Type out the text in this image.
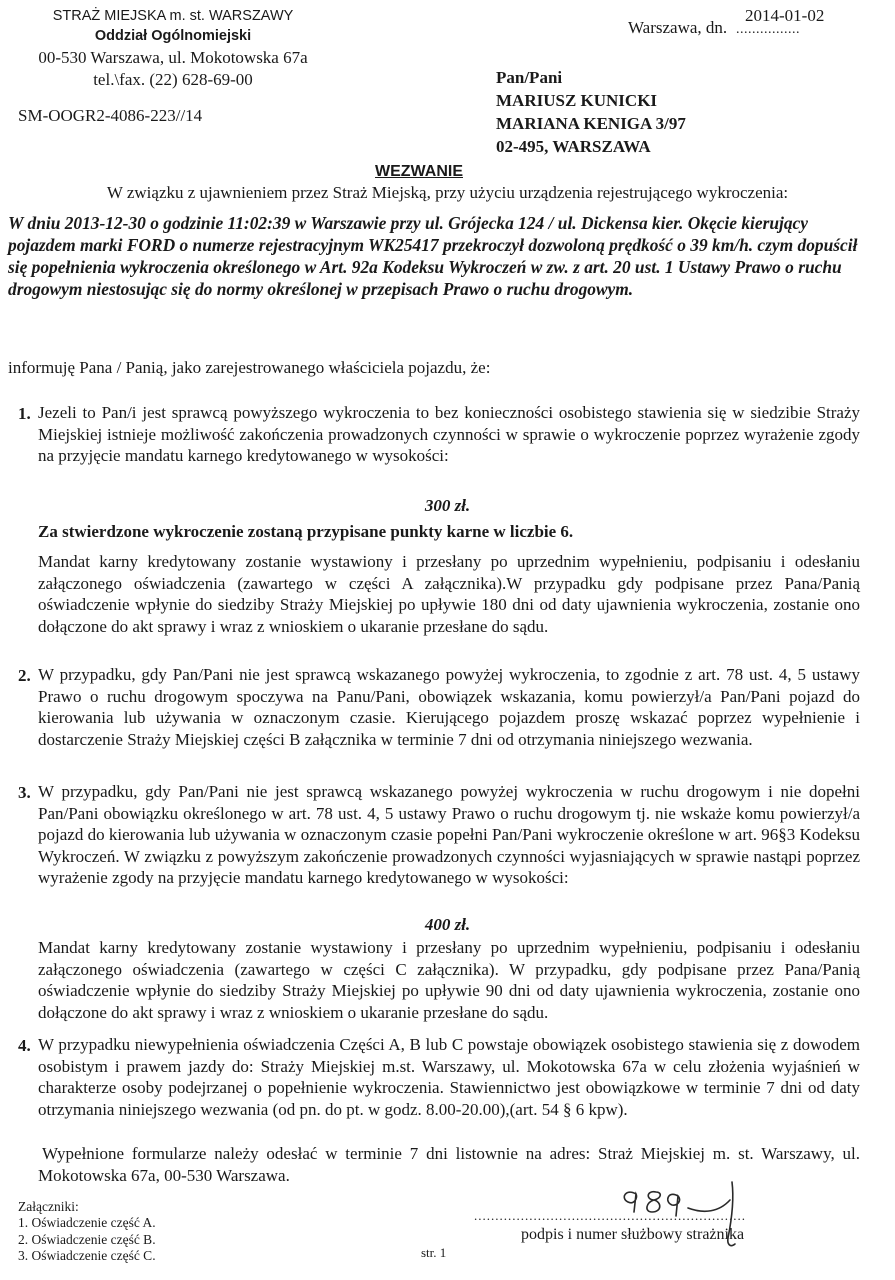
STRAŻ MIEJSKA m. st. WARSZAWY
Oddział Ogólnomiejski
00-530 Warszawa, ul. Mokotowska 67a
tel.\fax. (22) 628-69-00
SM-OOGR2-4086-223//14
Warszawa, dn.
2014-01-02
................
Pan/Pani
MARIUSZ KUNICKI
MARIANA KENIGA 3/97
02-495, WARSZAWA
WEZWANIE
W związku z ujawnieniem przez Straż Miejską, przy użyciu urządzenia rejestrującego wykroczenia:
W dniu 2013-12-30 o godzinie 11:02:39 w Warszawie przy ul. Grójecka 124 / ul. Dickensa kier. Okęcie kierujący pojazdem marki FORD o numerze rejestracyjnym WK25417 przekroczył dozwoloną prędkość o 39 km/h. czym dopuścił się popełnienia wykroczenia określonego w Art. 92a Kodeksu Wykroczeń w zw. z art. 20 ust. 1 Ustawy Prawo o ruchu drogowym niestosując się do normy określonej w przepisach Prawo o ruchu drogowym.
informuję Pana / Panią, jako zarejestrowanego właściciela pojazdu, że:
1. Jezeli to Pan/i jest sprawcą powyższego wykroczenia to bez konieczności osobistego stawienia się w siedzibie Straży Miejskiej istnieje możliwość zakończenia prowadzonych czynności w sprawie o wykroczenie poprzez wyrażenie zgody na przyjęcie mandatu karnego kredytowanego w wysokości:
300 zł.
Za stwierdzone wykroczenie zostaną przypisane punkty karne w liczbie 6.
Mandat karny kredytowany zostanie wystawiony i przesłany po uprzednim wypełnieniu, podpisaniu i odesłaniu załączonego oświadczenia (zawartego w części A załącznika).W przypadku gdy podpisane przez Pana/Panią oświadczenie wpłynie do siedziby Straży Miejskiej po upływie 180 dni od daty ujawnienia wykroczenia, zostanie ono dołączone do akt sprawy i wraz z wnioskiem o ukaranie przesłane do sądu.
2. W przypadku, gdy Pan/Pani nie jest sprawcą wskazanego powyżej wykroczenia, to zgodnie z art. 78 ust. 4, 5 ustawy Prawo o ruchu drogowym spoczywa na Panu/Pani, obowiązek wskazania, komu powierzył/a Pan/Pani pojazd do kierowania lub używania w oznaczonym czasie. Kierującego pojazdem proszę wskazać poprzez wypełnienie i dostarczenie Straży Miejskiej części B załącznika w terminie 7 dni od otrzymania niniejszego wezwania.
3. W przypadku, gdy Pan/Pani nie jest sprawcą wskazanego powyżej wykroczenia w ruchu drogowym i nie dopełni Pan/Pani obowiązku określonego w art. 78 ust. 4, 5 ustawy Prawo o ruchu drogowym tj. nie wskaże komu powierzył/a pojazd do kierowania lub używania w oznaczonym czasie popełni Pan/Pani wykroczenie określone w art. 96§3 Kodeksu Wykroczeń. W związku z powyższym zakończenie prowadzonych czynności wyjasniających w sprawie nastąpi poprzez wyrażenie zgody na przyjęcie mandatu karnego kredytowanego w wysokości:
400 zł.
Mandat karny kredytowany zostanie wystawiony i przesłany po uprzednim wypełnieniu, podpisaniu i odesłaniu załączonego oświadczenia (zawartego w części C załącznika). W przypadku, gdy podpisane przez Pana/Panią oświadczenie wpłynie do siedziby Straży Miejskiej po upływie 90 dni od daty ujawnienia wykroczenia, zostanie ono dołączone do akt sprawy i wraz z wnioskiem o ukaranie przesłane do sądu.
4. W przypadku niewypełnienia oświadczenia Części A, B lub C powstaje obowiązek osobistego stawienia się z dowodem osobistym i prawem jazdy do: Straży Miejskiej m.st. Warszawy, ul. Mokotowska 67a w celu złożenia wyjaśnień w charakterze osoby podejrzanej o popełnienie wykroczenia. Stawiennictwo jest obowiązkowe w terminie 7 dni od daty otrzymania niniejszego wezwania (od pn. do pt. w godz. 8.00-20.00),(art. 54 § 6 kpw).
Wypełnione formularze należy odesłać w terminie 7 dni listownie na adres: Straż Miejskiej m. st. Warszawy, ul. Mokotowska 67a, 00-530 Warszawa.
Załączniki:
1. Oświadczenie część A.
2. Oświadczenie część B.
3. Oświadczenie część C.	str. 1
................................................................
podpis i numer służbowy strażnika
